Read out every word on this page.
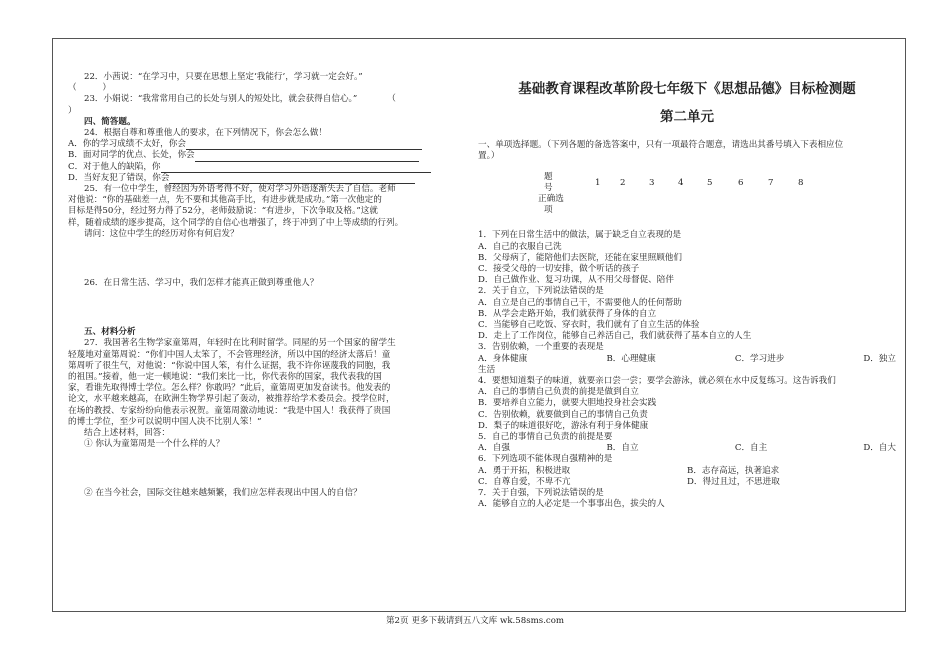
22．小茜说：“在学习中，只要在思想上坚定‘我能行’，学习就一定会好。”
（　　　）
23．小娟说：“我常常用自己的长处与别人的短处比，就会获得自信心。”　　　　（
）
四、简答题。
24．根据自尊和尊重他人的要求，在下列情况下，你会怎么做！
A．你的学习成绩不太好，你会
B．面对同学的优点、长处，你会
C．对于他人的缺陷，你
D．当好友犯了错误，你会
25．有一位中学生，曾经因为外语考得不好，使对学习外语逐渐失去了自信。老师
对他说：“你的基础差一点，先不要和其他高手比，有进步就是成功。”第一次他定的
目标是得50分，经过努力得了52分，老师鼓励说：“有进步，下次争取及格。”这就
样，随着成绩的逐步提高，这个同学的自信心也增强了，终于冲到了中上等成绩的行列。
请问：这位中学生的经历对你有何启发？
26．在日常生活、学习中，我们怎样才能真正做到尊重他人？
五、材料分析
27．我国著名生物学家童第周，年轻时在比利时留学。同屋的另一个国家的留学生
轻蔑地对童第周说：“你们中国人太笨了，不会管理经济，所以中国的经济太落后！童
第周听了很生气，对他说：“你说中国人笨，有什么证据，我不许你诬蔑我的同胞，我
的祖国。”接着，他一定一顿地说：“我们来比一比，你代表你的国家，我代表我的国
家，看谁先取得博士学位。怎么样？你敢吗？”此后，童第周更加发奋读书。他发表的
论文，水平越来越高，在欧洲生物学界引起了轰动，被推荐给学术委员会。授学位时，
在场的教授、专家纷纷向他表示祝贺。童第周激动地说：“我是中国人！我获得了贵国
的博士学位，至少可以说明中国人决不比别人笨！”
结合上述材料，回答：
① 你认为童第周是一个什么样的人？
② 在当今社会，国际交往越来越频繁，我们应怎样表现出中国人的自信？
基础教育课程改革阶段七年级下《思想品德》目标检测题
第二单元
一、单项选择题。（下列各题的备选答案中，只有一项最符合题意，请选出其番号填入下表相应位
置。）
题
号
正确选
项
1 2	3	4	5	6	7	8
1．下列在日常生活中的做法，属于缺乏自立表现的是
A．自己的衣服自己洗
B．父母病了，能陪他们去医院，还能在家里照顾他们
C．接受父母的一切安排，做个听话的孩子
D．自己做作业、复习功课，从不用父母督促、陪伴
2．关于自立，下列说法错误的是
A．自立是自己的事情自己干，不需要他人的任何帮助
B．从学会走路开始，我们就获得了身体的自立
C．当能够自己吃饭、穿衣时，我们就有了自立生活的体验
D．走上了工作岗位，能够自己养活自己，我们就获得了基本自立的人生
3．告别依赖，一个重要的表现是
A．身体健康	B．心理健康	C．学习进步	D．独立
生活
4．要想知道梨子的味道，就要亲口尝一尝；要学会游泳，就必须在水中反复练习。这告诉我们
A．自己的事情自己负责的前提是做到自立
B．要培养自立能力，就要大胆地投身社会实践
C．告别依赖，就要做到自己的事情自己负责
D．梨子的味道很好吃，游泳有利于身体健康
5．自己的事情自己负责的前提是要
A．自强	B．自立	C．自主	D．自大
6．下列选项不能体现自强精神的是
A．勇于开拓，积极进取	B．志存高远，执著追求
C．自尊自爱，不卑不亢	D．得过且过，不思进取
7．关于自强，下列说法错误的是
A．能够自立的人必定是一个事事出色，拔尖的人
第2页 更多下载请到五八文库 wk.58sms.com
